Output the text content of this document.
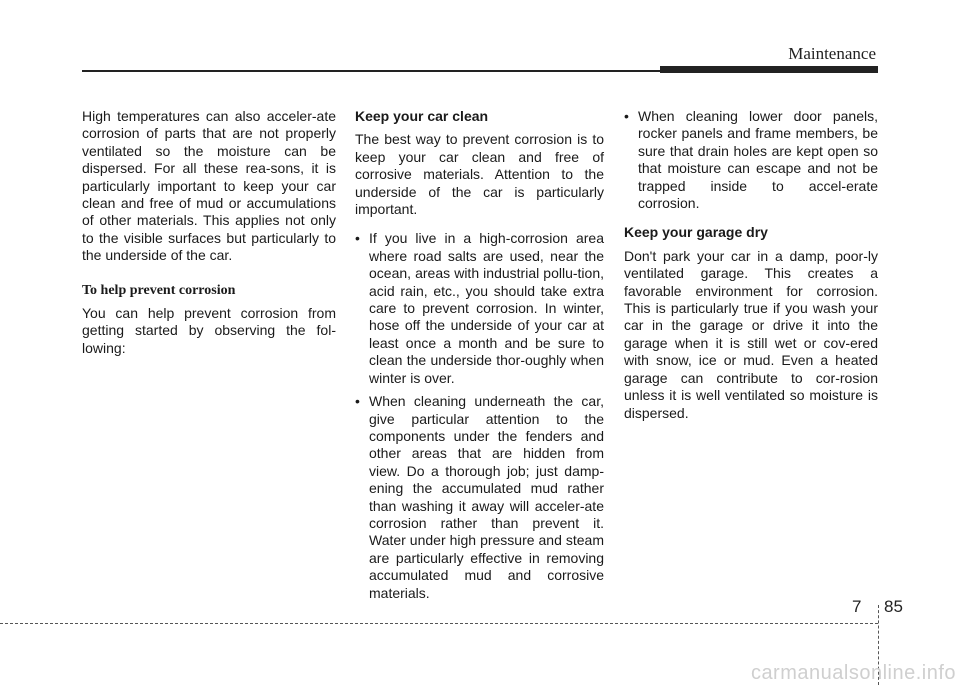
Maintenance

High temperatures can also acceler-ate corrosion of parts that are not properly ventilated so the moisture can be dispersed. For all these rea-sons, it is particularly important to keep your car clean and free of mud or accumulations of other materials. This applies not only to the visible surfaces but particularly to the underside of the car.

To help prevent corrosion

You can help prevent corrosion from getting started by observing the fol-lowing:

Keep your car clean

The best way to prevent corrosion is to keep your car clean and free of corrosive materials. Attention to the underside of the car is particularly important.

• If you live in a high-corrosion area where road salts are used, near the ocean, areas with industrial pollu-tion, acid rain, etc., you should take extra care to prevent corrosion. In winter, hose off the underside of your car at least once a month and be sure to clean the underside thor-oughly when winter is over.

• When cleaning underneath the car, give particular attention to the components under the fenders and other areas that are hidden from view. Do a thorough job; just damp-ening the accumulated mud rather than washing it away will acceler-ate corrosion rather than prevent it. Water under high pressure and steam are particularly effective in removing accumulated mud and corrosive materials.

• When cleaning lower door panels, rocker panels and frame members, be sure that drain holes are kept open so that moisture can escape and not be trapped inside to accel-erate corrosion.

Keep your garage dry

Don't park your car in a damp, poor-ly ventilated garage. This creates a favorable environment for corrosion. This is particularly true if you wash your car in the garage or drive it into the garage when it is still wet or cov-ered with snow, ice or mud. Even a heated garage can contribute to cor-rosion unless it is well ventilated so moisture is dispersed.

7 85
carmanualsonline.info
